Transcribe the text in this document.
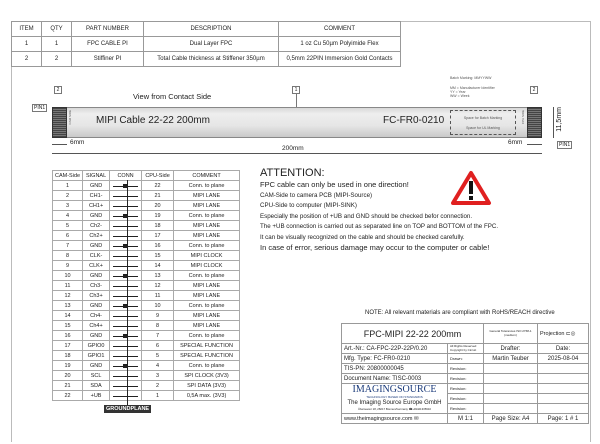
ITEM	QTY	PART NUMBER	DESCRIPTION	COMMENT
1	1	FPC CABLE PI	Dual Layer FPC	1 oz Cu 50µm Polyimide Flex
2	2	Stiffiner PI	Total Cable thickness at Stiffener 350µm	0,5mm 22PIN Immersion Gold Contacts
View from Contact Side
2	1	2
PIN1
CAM SIDE	CPU SIDE
MIPI Cable 22-22 200mm	FC-FR0-0210	Space for Batch Marking
Space for UL Marking
Batch Marking: MMYYWW
MM = Manufacturer Identifier
YY = Year
WW = Week
11,5mm
PIN1
6mm	6mm
200mm
CAM-Side	SIGNAL	CONN	CPU-Side	COMMENT
1	GND		22	Conn. to plane
2	CH1-		21	MIPI LANE
3	CH1+		20	MIPI LANE
4	GND		19	Conn. to plane
5	Ch2-		18	MIPI LANE
6	Ch2+		17	MIPI LANE
7	GND		16	Conn. to plane
8	CLK-		15	MIPI CLOCK
9	CLK+		14	MIPI CLOCK
10	GND		13	Conn. to plane
11	Ch3-		12	MIPI LANE
12	Ch3+		11	MIPI LANE
13	GND		10	Conn. to plane
14	Ch4-		9	MIPI LANE
15	Ch4+		8	MIPI LANE
16	GND		7	Conn. to plane
17	GPIO0		6	SPECIAL FUNCTION
18	GPIO1		5	SPECIAL FUNCTION
19	GND		4	Conn. to plane
20	SCL		3	SPI CLOCK (3V3)
21	SDA		2	SPI DATA (3V3)
22	+UB		1	0,5A max. (3V3)
GROUNDPLANE
ATTENTION:
FPC cable can only be used in one direction!
CAM-Side to camera PCB (MIPI-Source)
CPU-Side to computer (MIPI-SINK)
Especially the position of +UB and GND should be checked befor connection.
The +UB connection is carried out as separated line on TOP and BOTTOM of the FPC.
It can be visually recognized on the cable and should be checked carefully.
In case of error, serious damage may occur to the computer or cable!
NOTE: All relevant materials are compliant with RoHS/REACH directive
FPC-MIPI 22-22 200mm		General Tolerances ISO 2768-1 (medium)	Projection ⊏◎
Art.-Nr.: CA-FPC-22P-22P/0.20	All Rights Reserved Copyright by Circuit	Drafter:	Date:
Mfg. Type: FC-FR0-0210	Drawn:	Martin Teuber	2025-08-04
TIS-PN: 20800000045	Revision:		
Document Name: TISC-0003	Revision:		

IMAGINGSOURCE
TECHNOLOGY BASED ON STANDARDS
The Imaging Source Europe GmbH
Überseetor 18, 28217 Bremen/Germany ☎+49421335910	Revision:		
	Revision:		
	Revision:		
www.theimagingsource.com ✉	M 1:1	Page Size: A4	Page: 1 # 1
